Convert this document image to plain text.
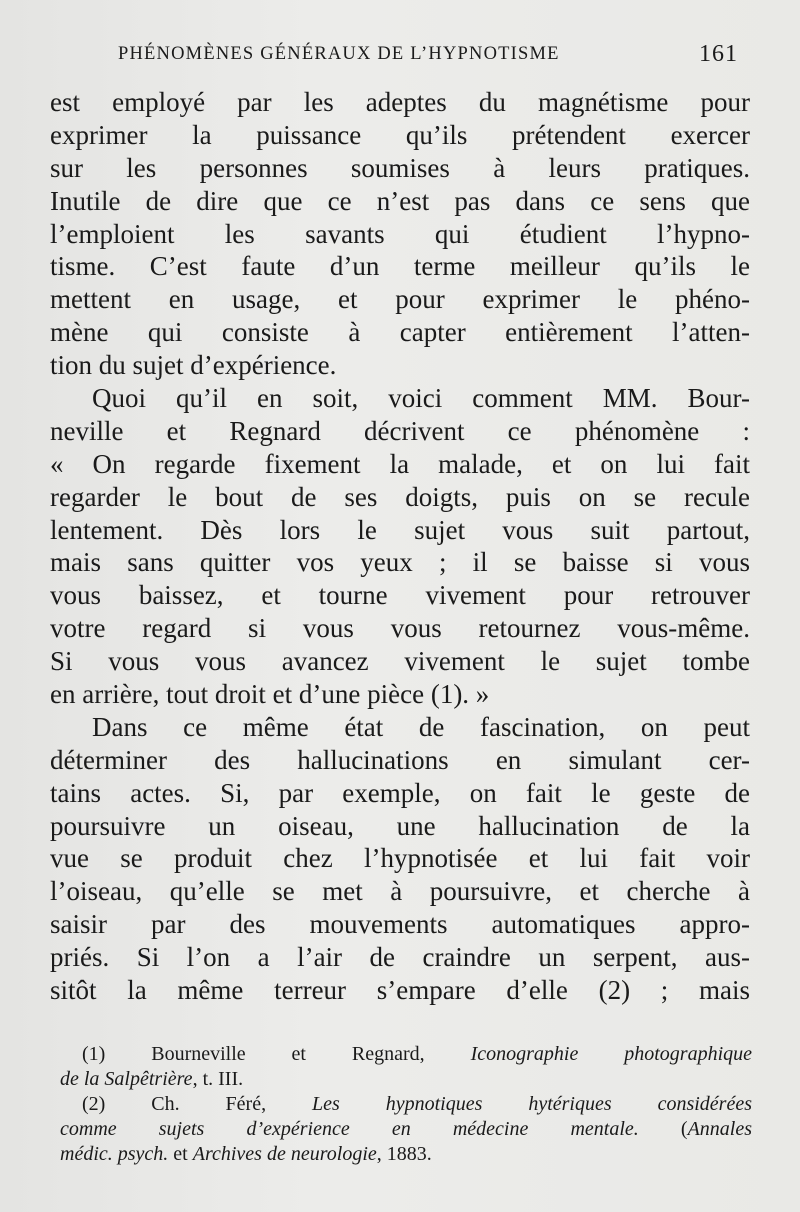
PHÉNOMÈNES GÉNÉRAUX DE L’HYPNOTISME	161
est employé par les adeptes du magnétisme pour
exprimer la puissance qu’ils prétendent exercer
sur les personnes soumises à leurs pratiques.
Inutile de dire que ce n’est pas dans ce sens que
l’emploient les savants qui étudient l’hypno-
tisme. C’est faute d’un terme meilleur qu’ils le
mettent en usage, et pour exprimer le phéno-
mène qui consiste à capter entièrement l’atten-
tion du sujet d’expérience.
Quoi qu’il en soit, voici comment MM. Bour-
neville et Regnard décrivent ce phénomène :
« On regarde fixement la malade, et on lui fait
regarder le bout de ses doigts, puis on se recule
lentement. Dès lors le sujet vous suit partout,
mais sans quitter vos yeux ; il se baisse si vous
vous baissez, et tourne vivement pour retrouver
votre regard si vous vous retournez vous-même.
Si vous vous avancez vivement le sujet tombe
en arrière, tout droit et d’une pièce (1). »
Dans ce même état de fascination, on peut
déterminer des hallucinations en simulant cer-
tains actes. Si, par exemple, on fait le geste de
poursuivre un oiseau, une hallucination de la
vue se produit chez l’hypnotisée et lui fait voir
l’oiseau, qu’elle se met à poursuivre, et cherche à
saisir par des mouvements automatiques appro-
priés. Si l’on a l’air de craindre un serpent, aus-
sitôt la même terreur s’empare d’elle (2) ; mais
(1) Bourneville et Regnard, Iconographie photographique
de la Salpêtrière, t. III.
(2) Ch. Féré, Les hypnotiques hytériques considérées
comme sujets d’expérience en médecine mentale. (Annales
médic. psych. et Archives de neurologie, 1883.
